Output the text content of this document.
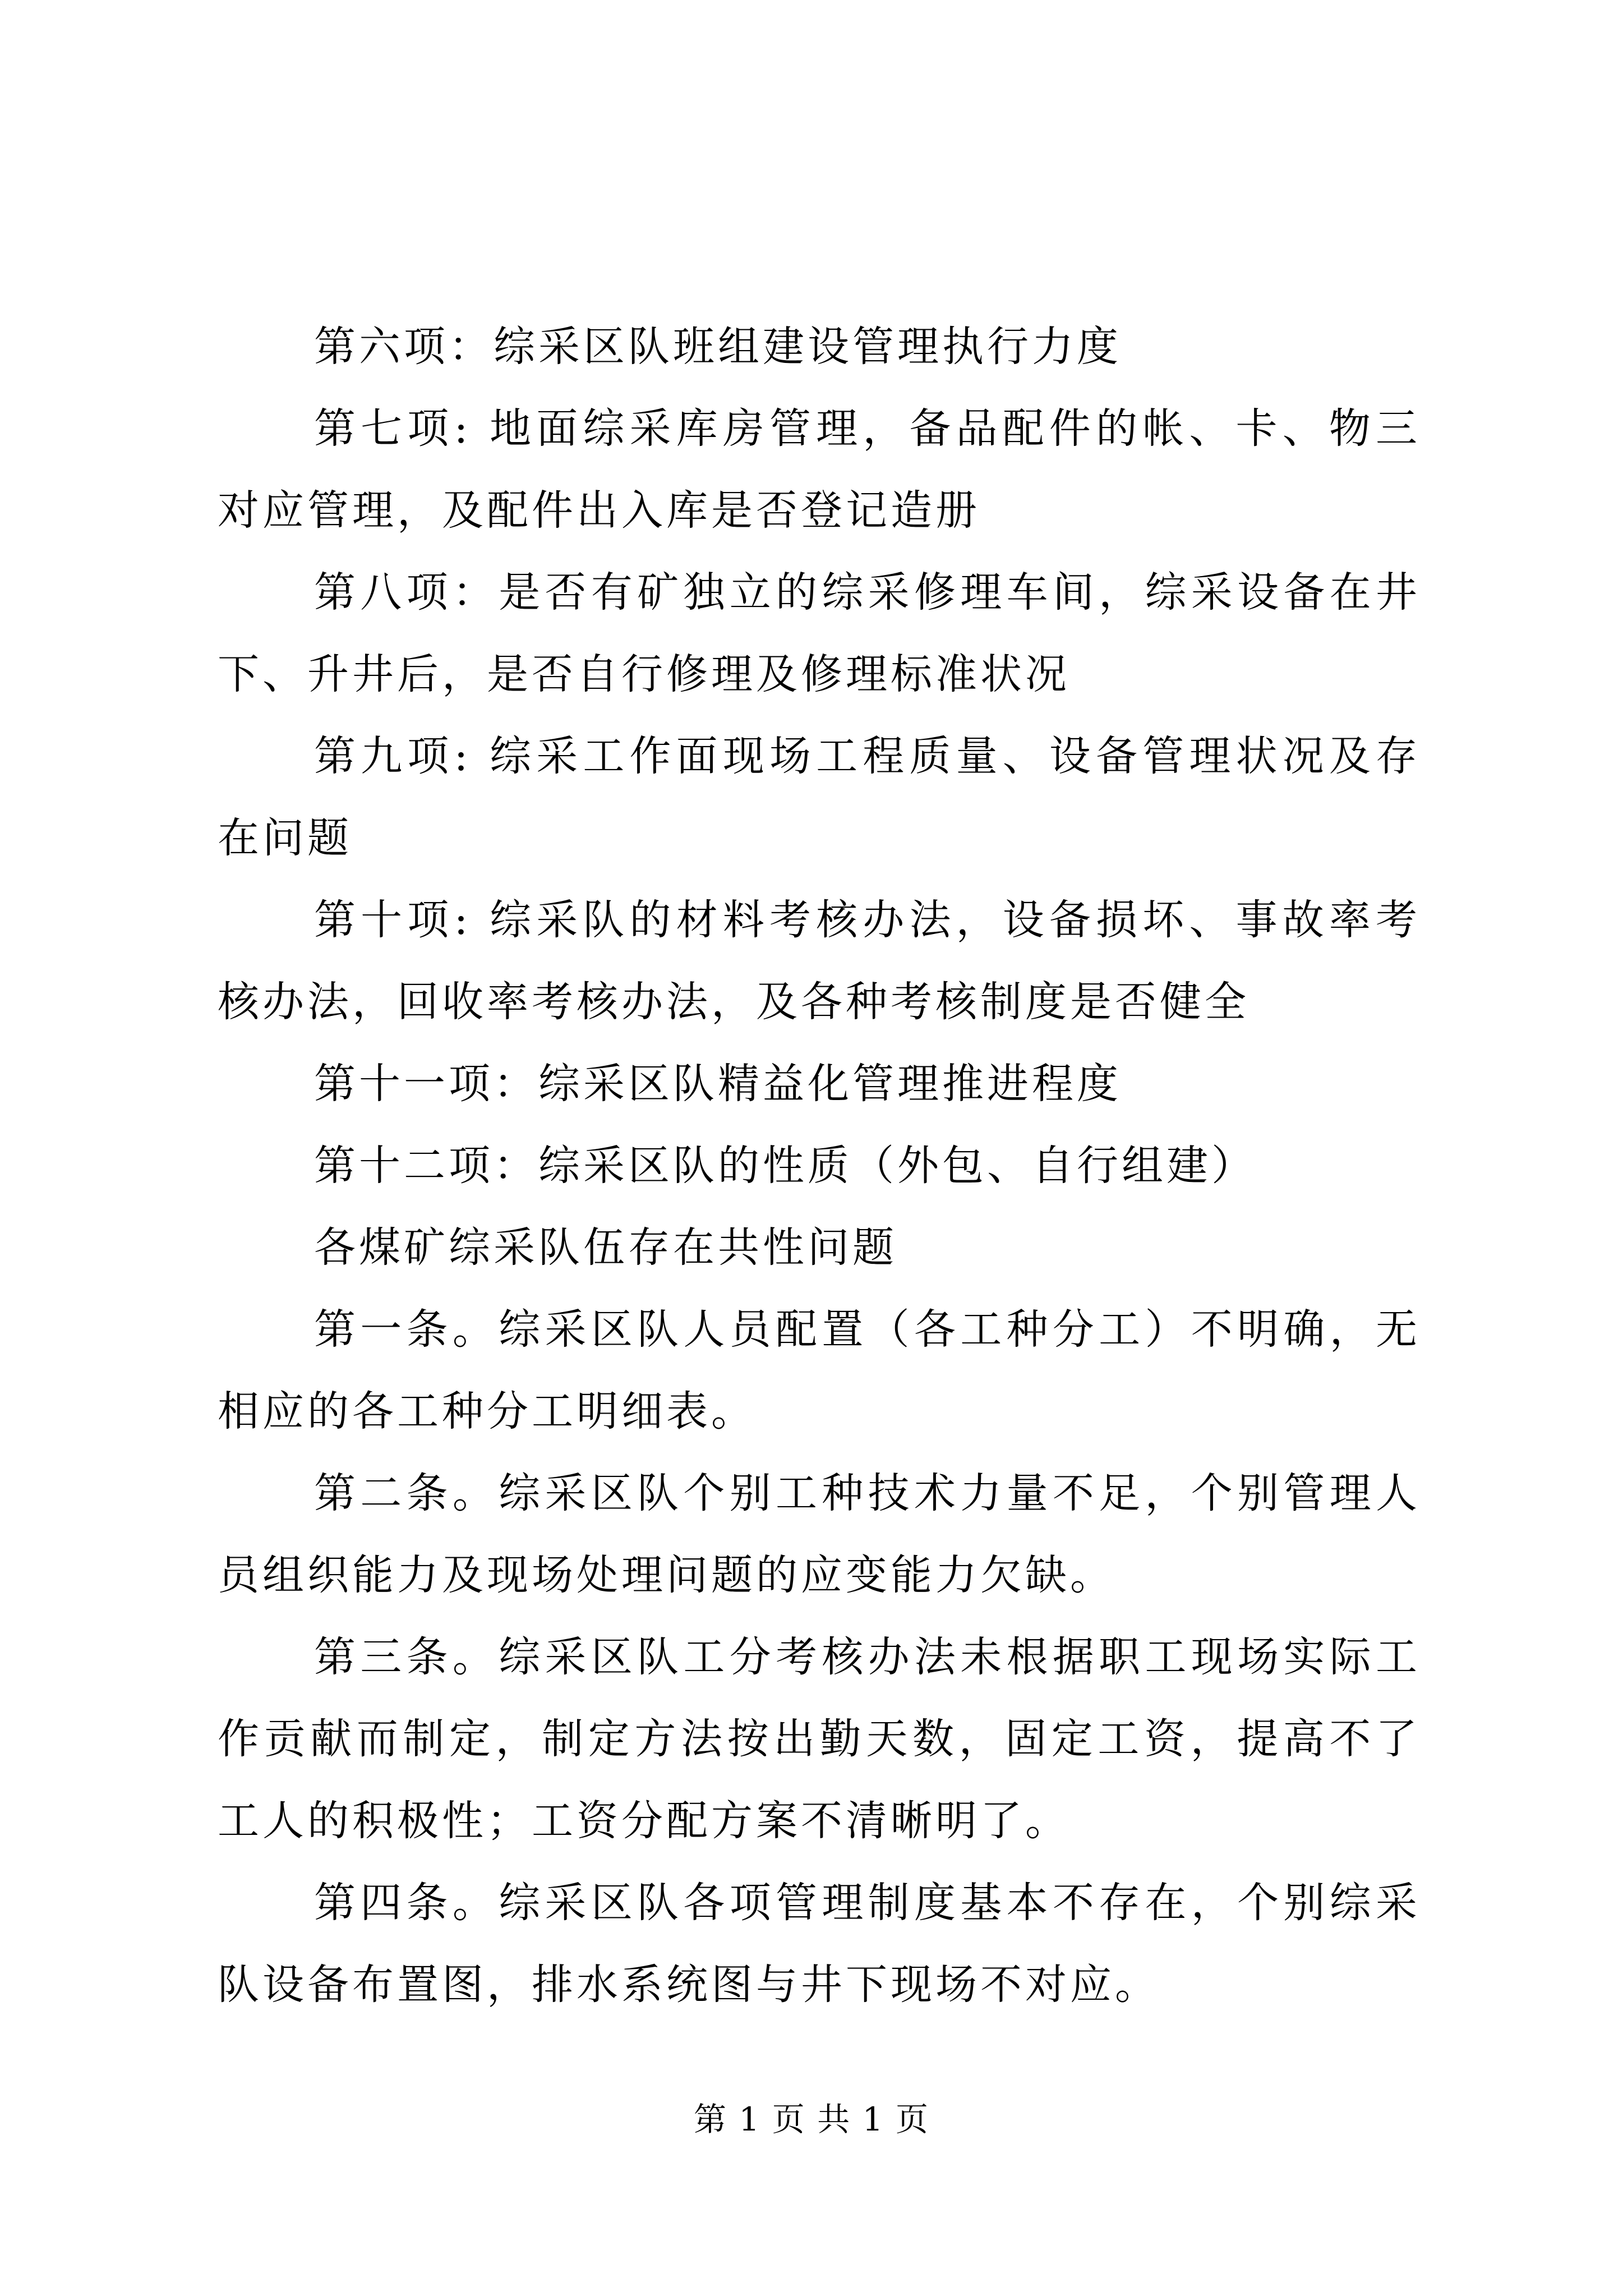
第六项：综采区队班组建设管理执行力度

第七项: 地面综采库房管理，备品配件的帐、卡、物三对应管理，及配件出入库是否登记造册

第八项：是否有矿独立的综采修理车间，综采设备在井下、升井后，是否自行修理及修理标准状况

第九项: 综采工作面现场工程质量、设备管理状况及存在问题

第十项: 综采队的材料考核办法，设备损坏、事故率考核办法，回收率考核办法，及各种考核制度是否健全

第十一项：综采区队精益化管理推进程度

第十二项：综采区队的性质（外包、自行组建）

各煤矿综采队伍存在共性问题

第一条。综采区队人员配置（各工种分工）不明确，无相应的各工种分工明细表。

第二条。综采区队个别工种技术力量不足，个别管理人员组织能力及现场处理问题的应变能力欠缺。

第三条。综采区队工分考核办法未根据职工现场实际工作贡献而制定，制定方法按出勤天数，固定工资，提高不了工人的积极性；工资分配方案不清晰明了。

第四条。综采区队各项管理制度基本不存在，个别综采队设备布置图，排水系统图与井下现场不对应。

第 1 页 共 1 页
